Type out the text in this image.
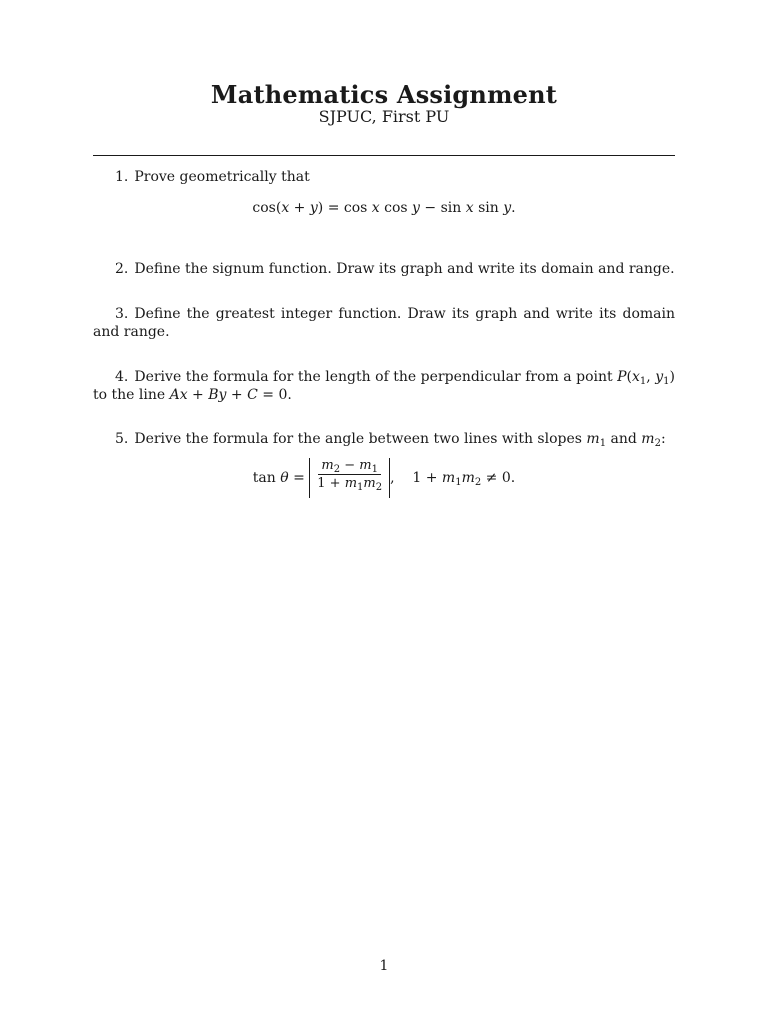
Mathematics Assignment
SJPUC, First PU
1. Prove geometrically that
cos(x + y) = cos x cos y − sin x sin y.
2. Define the signum function. Draw its graph and write its domain and range.
3. Define the greatest integer function. Draw its graph and write its domain and range.
4. Derive the formula for the length of the perpendicular from a point $P(x_1$, $y_1$) to the line Ax + By + C = 0.
5. Derive the formula for the angle between two lines with slopes $m_1$ and $m_2$:
$\tan \theta = \frac{m_2 - m_1}{1 + m_1m_2}$ ,    $1 + m_1m_2 \ne 0$.
1
